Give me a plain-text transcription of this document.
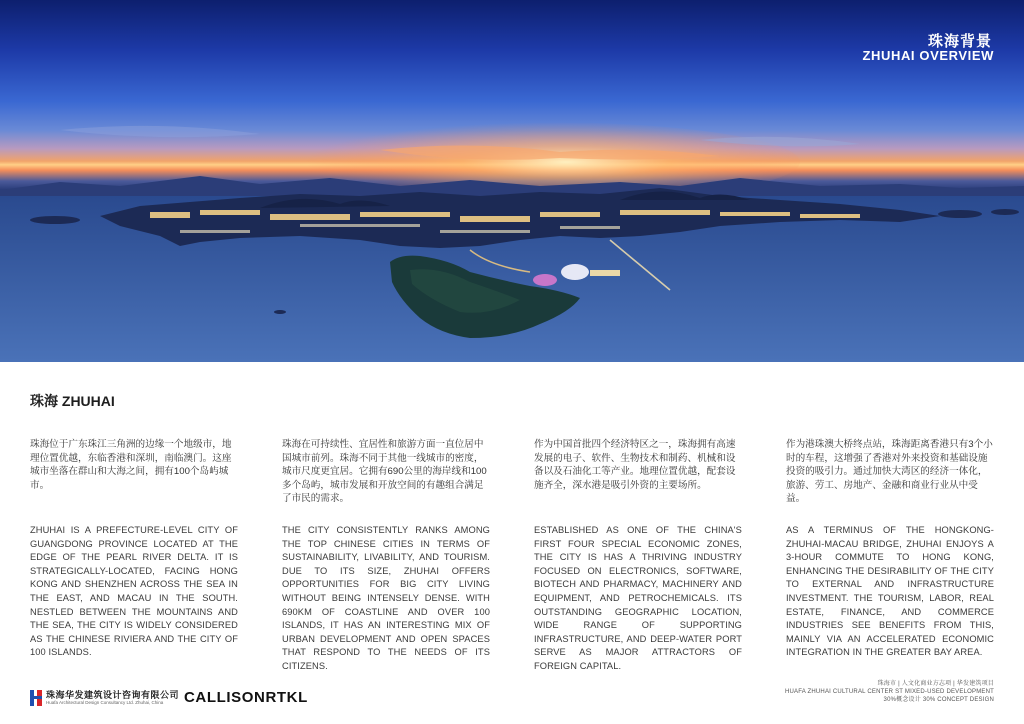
珠海背景
ZHUHAI OVERVIEW
珠海 ZHUHAI
珠海位于广东珠江三角洲的边缘一个地级市，地理位置优越，东临香港和深圳，南临澳门。这座城市坐落在群山和大海之间，拥有100个岛屿城市。
ZHUHAI IS A PREFECTURE-LEVEL CITY OF GUANGDONG PROVINCE LOCATED AT THE EDGE OF THE PEARL RIVER DELTA. IT IS STRATEGICALLY-LOCATED, FACING HONG KONG AND SHENZHEN ACROSS THE SEA IN THE EAST, AND MACAU IN THE SOUTH. NESTLED BETWEEN THE MOUNTAINS AND THE SEA, THE CITY IS WIDELY CONSIDERED AS THE CHINESE RIVIERA AND THE CITY OF 100 ISLANDS.
珠海在可持续性、宜居性和旅游方面一直位居中国城市前列。珠海不同于其他一线城市的密度，城市尺度更宜居。它拥有690公里的海岸线和100多个岛屿，城市发展和开放空间的有趣组合满足了市民的需求。
THE CITY CONSISTENTLY RANKS AMONG THE TOP CHINESE CITIES IN TERMS OF SUSTAINABILITY, LIVABILITY, AND TOURISM. DUE TO ITS SIZE, ZHUHAI OFFERS OPPORTUNITIES FOR BIG CITY LIVING WITHOUT BEING INTENSELY DENSE. WITH 690KM OF COASTLINE AND OVER 100 ISLANDS, IT HAS AN INTERESTING MIX OF URBAN DEVELOPMENT AND OPEN SPACES THAT RESPOND TO THE NEEDS OF ITS CITIZENS.
作为中国首批四个经济特区之一，珠海拥有高速发展的电子、软件、生物技术和制药、机械和设备以及石油化工等产业。地理位置优越，配套设施齐全，深水港是吸引外资的主要场所。
ESTABLISHED AS ONE OF THE CHINA'S FIRST FOUR SPECIAL ECONOMIC ZONES, THE CITY IS HAS A THRIVING INDUSTRY FOCUSED ON ELECTRONICS, SOFTWARE, BIOTECH AND PHARMACY, MACHINERY AND EQUIPMENT, AND PETROCHEMICALS. ITS OUTSTANDING GEOGRAPHIC LOCATION, WIDE RANGE OF SUPPORTING INFRASTRUCTURE, AND DEEP-WATER PORT SERVE AS MAJOR ATTRACTORS OF FOREIGN CAPITAL.
作为港珠澳大桥终点站，珠海距离香港只有3个小时的车程，这增强了香港对外来投资和基础设施投资的吸引力。通过加快大湾区的经济一体化，旅游、劳工、房地产、金融和商业行业从中受益。
AS A TERMINUS OF THE HONGKONG-ZHUHAI-MACAU BRIDGE, ZHUHAI ENJOYS A 3-HOUR COMMUTE TO HONG KONG, ENHANCING THE DESIRABILITY OF THE CITY TO EXTERNAL AND INFRASTRUCTURE INVESTMENT. THE TOURISM, LABOR, REAL ESTATE, FINANCE, AND COMMERCE INDUSTRIES SEE BENEFITS FROM THIS, MAINLY VIA AN ACCELERATED ECONOMIC INTEGRATION IN THE GREATER BAY AREA.
珠海华发建筑设计咨询有限公司
Huafa Architectural Design Consultancy Ltd. Zhuhai, China	CALLISONRTKL
珠海市 | 人文化商业方志项 | 华发建筑项目
HUAFA ZHUHAI CULTURAL CENTER ST MIXED-USED DEVELOPMENT
30%概念设计 30% CONCEPT DESIGN
